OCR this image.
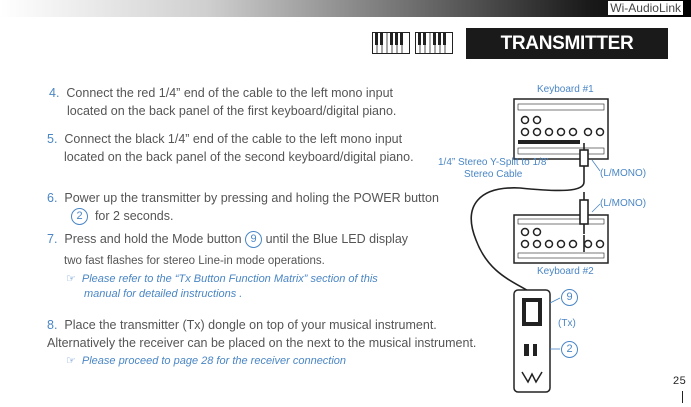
Wi-AudioLink
TRANSMITTER CONNECTION
4. Connect the red 1/4” end of the cable to the left mono input
located on the back panel of the first keyboard/digital piano.
5. Connect the black 1/4” end of the cable to the left mono input
located on the back panel of the second keyboard/digital piano.
6. Power up the transmitter by pressing and holing the POWER button
2 for 2 seconds.
7. Press and hold the Mode button 9 until the Blue LED display
two fast flashes for stereo Line-in mode operations.
☞ Please refer to the “Tx Button Function Matrix” section of this
manual for detailed instructions .
8. Place the transmitter (Tx) dongle on top of your musical instrument.
Alternatively the receiver can be placed on the next to the musical instrument.
☞ Please proceed to page 28 for the receiver connection
Keyboard #1
Keyboard #2
1/4” Stereo Y-Split to 1/8’
Stereo Cable	(L/MONO)
(L/MONO)
(Tx)
9
2
25
